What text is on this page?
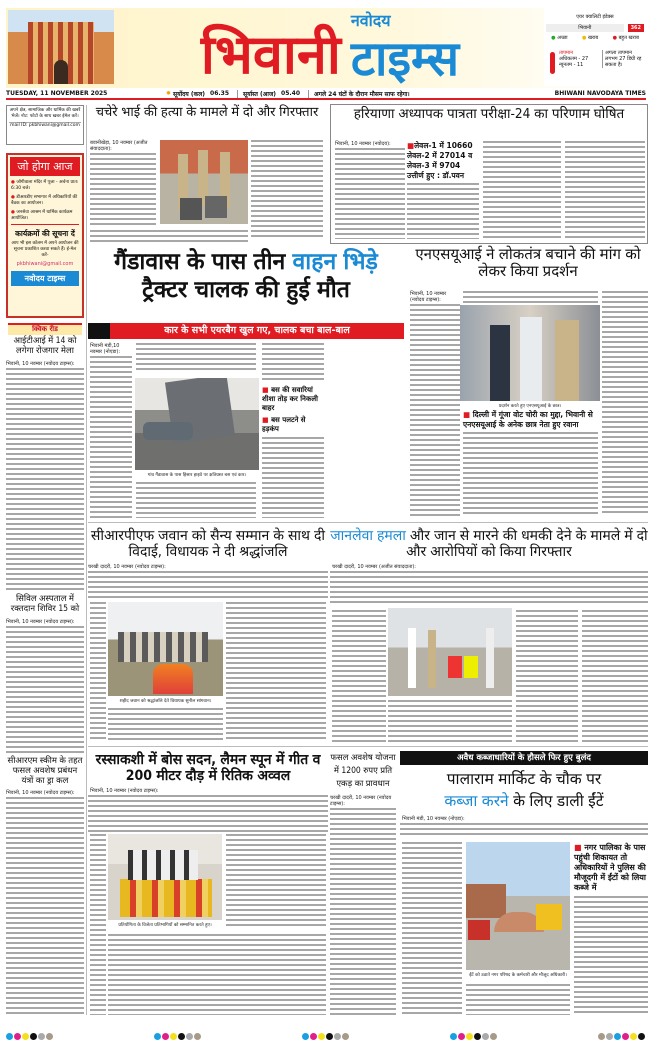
भिवानी
नवोदय
टाइम्स
एयर क्वालिटी इंडेक्स
भिवानी	362
● अच्छा	● खराब	● बहुत खराब
तापमान
अधिकतम - 27
न्यूनतम - 11
अगला तापमान लगभग 27 डिग्री रह सकता है।
TUESDAY, 11 NOVEMBER 2025	✹ सूर्योदय (कल) 06.35	सूर्यास्त (आज) 05.40	अगले 24 घंटों के दौरान मौसम साफ रहेगा।	BHIWANI NAVODAYA TIMES
अपने क्षेत्र, सामाजिक और धार्मिक की खबरें भेजें। नोट: फोटो के साथ खबर ईमेल करें।
mail ID: pkbhiwani@gmail.com
जो होगा आज
● जोगीवाला मंदिर में पूजा - अर्चना प्रातः 6:30 बजे।
● डीआरडीए सभागार में अधिकारियों की बैठक का आयोजन।
● जनसेवा आश्रम में धार्मिक कार्यक्रम आयोजित।
कार्यक्रमों की सूचना दें
आप भी इस कॉलम में अपने आयोजन की सूचना प्रकाशित करवा सकते हैं। ई-मेल करें-
pkbhiwani@gmail.com
नवोदय टाइम्स
क्विक रीड
आईटीआई में 14 को लगेगा रोजगार मेला
भिवानी, 10 नवम्बर (नवोदय टाइम्स):
सिविल अस्पताल में रक्तदान शिविर 15 को
भिवानी, 10 नवम्बर (नवोदय टाइम्स):
सीआरएम स्कीम के तहत फसल अवशेष प्रबंधन यंत्रों का ड्रा कल
भिवानी, 10 नवम्बर (नवोदय टाइम्स):
चचेरे भाई की हत्या के मामले में दो और गिरफ्तार
बवानीखेड़ा, 10 नवम्बर (अजीत संवाददाता):
हरियाणा अध्यापक पात्रता परीक्षा-24 का परिणाम घोषित
भिवानी, 10 नवम्बर (नवोदय):	■लेवल-1 में 10660
लेवल-2 में 27014 व
लेवल-3 में 9704
उत्तीर्ण हुए : डॉ.पवन
गैंडावास के पास तीन वाहन भिड़े
ट्रैक्टर चालक की हुई मौत
कार के सभी एयरबैग खुल गए, चालक बचा बाल-बाल
भिवानी मंडी,10 नवम्बर (नोएडा):
गांव गैंडावास के पास हिसार हाइवे पर क्षतिग्रस्त बस एवं कार।
■ बस की सवारियां शीशा तोड़ कर निकली बाहर
■ बस पलटने से हड़कंप
एनएसयूआई ने लोकतंत्र बचाने की मांग को लेकर किया प्रदर्शन
भिवानी, 10 नवम्बर (नवोदय टाइम्स):
प्रदर्शन करते हुए एनएसयूआई के छात्र।
■ दिल्ली में गूंजा वोट चोरी का मुद्दा, भिवानी से एनएसयूआई के अनेक छात्र नेता हुए रवाना
सीआरपीएफ जवान को सैन्य सम्मान के साथ दी विदाई, विधायक ने दी श्रद्धांजलि
चरखी दादरी, 10 नवम्बर (नवोदय टाइम्स):
शहीद जवान को श्रद्धांजलि देते विधायक सुनील सांगवान।
जानलेवा हमला और जान से मारने की धमकी देने के मामले में दो और आरोपियों को किया गिरफ्तार
चरखी दादरी, 10 नवम्बर (अजीत संवाददाता):
रस्साकशी में बोस सदन, लैमन स्पून में गीत व 200 मीटर दौड़ में रितिक अव्वल
भिवानी, 10 नवम्बर (नवोदय टाइम्स):
प्रतियोगिता के विजेता प्रतिभागियों को सम्मानित करते हुए।
फसल अवशेष योजना में 1200 रुपए प्रति एकड़ का प्रावधान
चरखी दादरी, 10 नवम्बर (नवोदय टाइम्स):
अवैध कब्जाधारियों के हौसले फिर हुए बुलंद
पालाराम मार्किट के चौक पर
कब्जा करने के लिए डाली ईंटें
भिवानी मंडी, 10 नवम्बर (नोएडा):
ईंटें को उठाते नगर परिषद के कर्मचारी और मौजूद अधिकारी।
■ नगर पालिका के पास पहुंची शिकायत तो अधिकारियों ने पुलिस की मौजूदगी में ईंटों को लिया कब्जे में
